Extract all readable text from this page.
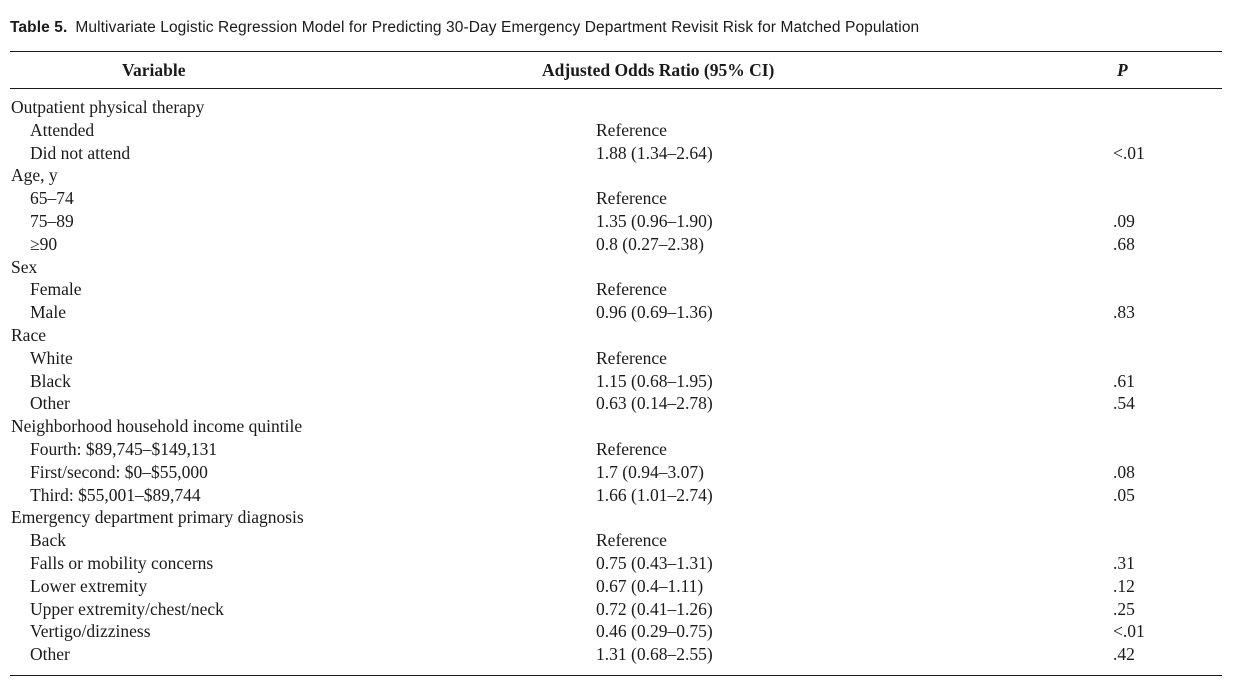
Table 5. Multivariate Logistic Regression Model for Predicting 30-Day Emergency Department Revisit Risk for Matched Population
Variable	Adjusted Odds Ratio (95% CI)	P
Outpatient physical therapy
Attended	Reference
Did not attend	1.88 (1.34–2.64)	<.01
Age, y
65–74	Reference
75–89	1.35 (0.96–1.90)	.09
≥90	0.8 (0.27–2.38)	.68
Sex
Female	Reference
Male	0.96 (0.69–1.36)	.83
Race
White	Reference
Black	1.15 (0.68–1.95)	.61
Other	0.63 (0.14–2.78)	.54
Neighborhood household income quintile
Fourth: $89,745–$149,131	Reference
First/second: $0–$55,000	1.7 (0.94–3.07)	.08
Third: $55,001–$89,744	1.66 (1.01–2.74)	.05
Emergency department primary diagnosis
Back	Reference
Falls or mobility concerns	0.75 (0.43–1.31)	.31
Lower extremity	0.67 (0.4–1.11)	.12
Upper extremity/chest/neck	0.72 (0.41–1.26)	.25
Vertigo/dizziness	0.46 (0.29–0.75)	<.01
Other	1.31 (0.68–2.55)	.42
